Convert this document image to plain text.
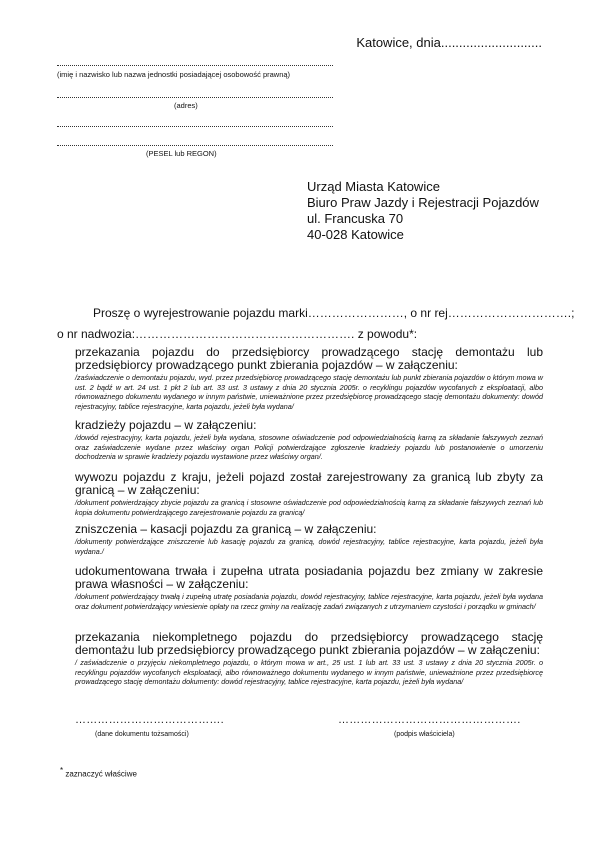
Katowice, dnia............................
(imię i nazwisko lub nazwa jednostki posiadającej osobowość prawną)
(adres)
(PESEL lub REGON)
Urząd Miasta Katowice
Biuro Praw Jazdy i Rejestracji Pojazdów
ul. Francuska 70
40-028 Katowice
Proszę o wyrejestrowanie pojazdu marki……………………, o nr rej………………………….;
o nr nadwozia:………………………………………………. z powodu*:
przekazania pojazdu do przedsiębiorcy prowadzącego stację demontażu lub przedsiębiorcy prowadzącego punkt zbierania pojazdów – w załączeniu:
/zaświadczenie o demontażu pojazdu, wyd. przez przedsiębiorcę prowadzącego stację demontażu lub punkt zbierania pojazdów o którym mowa w ust. 2 bądź w art. 24 ust. 1 pkt 2 lub art. 33 ust. 3 ustawy z dnia 20 stycznia 2005r. o recyklingu pojazdów wycofanych z eksploatacji, albo równoważnego dokumentu wydanego w innym państwie, unieważnione przez przedsiębiorcę prowadzącego stację demontażu dokumenty: dowód rejestracyjny, tablice rejestracyjne, karta pojazdu, jeżeli była wydana/
kradzieży pojazdu – w załączeniu:
/dowód rejestracyjny, karta pojazdu, jeżeli była wydana, stosowne oświadczenie pod odpowiedzialnością karną za składanie fałszywych zeznań oraz zaświadczenie wydane przez właściwy organ Policji potwierdzające zgłoszenie kradzieży pojazdu lub postanowienie o umorzeniu dochodzenia w sprawie kradzieży pojazdu wystawione przez właściwy organ/.
wywozu pojazdu z kraju, jeżeli pojazd został zarejestrowany za granicą lub zbyty za granicą – w załączeniu:
/dokument potwierdzający zbycie pojazdu za granicą i stosowne oświadczenie pod odpowiedzialnością karną za składanie fałszywych zeznań lub kopia dokumentu potwierdzającego zarejestrowanie pojazdu za granicą/
zniszczenia – kasacji pojazdu za granicą – w załączeniu:
/dokumenty potwierdzające zniszczenie lub kasację pojazdu za granicą, dowód rejestracyjny, tablice rejestracyjne, karta pojazdu, jeżeli była wydana./
udokumentowana trwała i zupełna utrata posiadania pojazdu bez zmiany w zakresie prawa własności – w załączeniu:
/dokument potwierdzający trwałą i zupełną utratę posiadania pojazdu, dowód rejestracyjny, tablice rejestracyjne, karta pojazdu, jeżeli była wydana oraz dokument potwierdzający wniesienie opłaty na rzecz gminy na realizację zadań związanych z utrzymaniem czystości i porządku w gminach/
przekazania niekompletnego pojazdu do przedsiębiorcy prowadzącego stację demontażu lub przedsiębiorcy prowadzącego punkt zbierania pojazdów – w załączeniu:
/ zaświadczenie o przyjęciu niekompletnego pojazdu, o którym mowa w art., 25 ust. 1 lub art. 33 ust. 3 ustawy z dnia 20 stycznia 2005r. o recyklingu pojazdów wycofanych eksploatacji, albo równoważnego dokumentu wydanego w innym państwie, unieważnione przez przedsiębiorcę prowadzącego stację demontażu dokumenty: dowód rejestracyjny, tablice rejestracyjne, karta pojazdu, jeżeli była wydana/
………………………………….
(dane dokumentu tożsamości)
………………………………………….
(podpis właściciela)
* zaznaczyć właściwe
